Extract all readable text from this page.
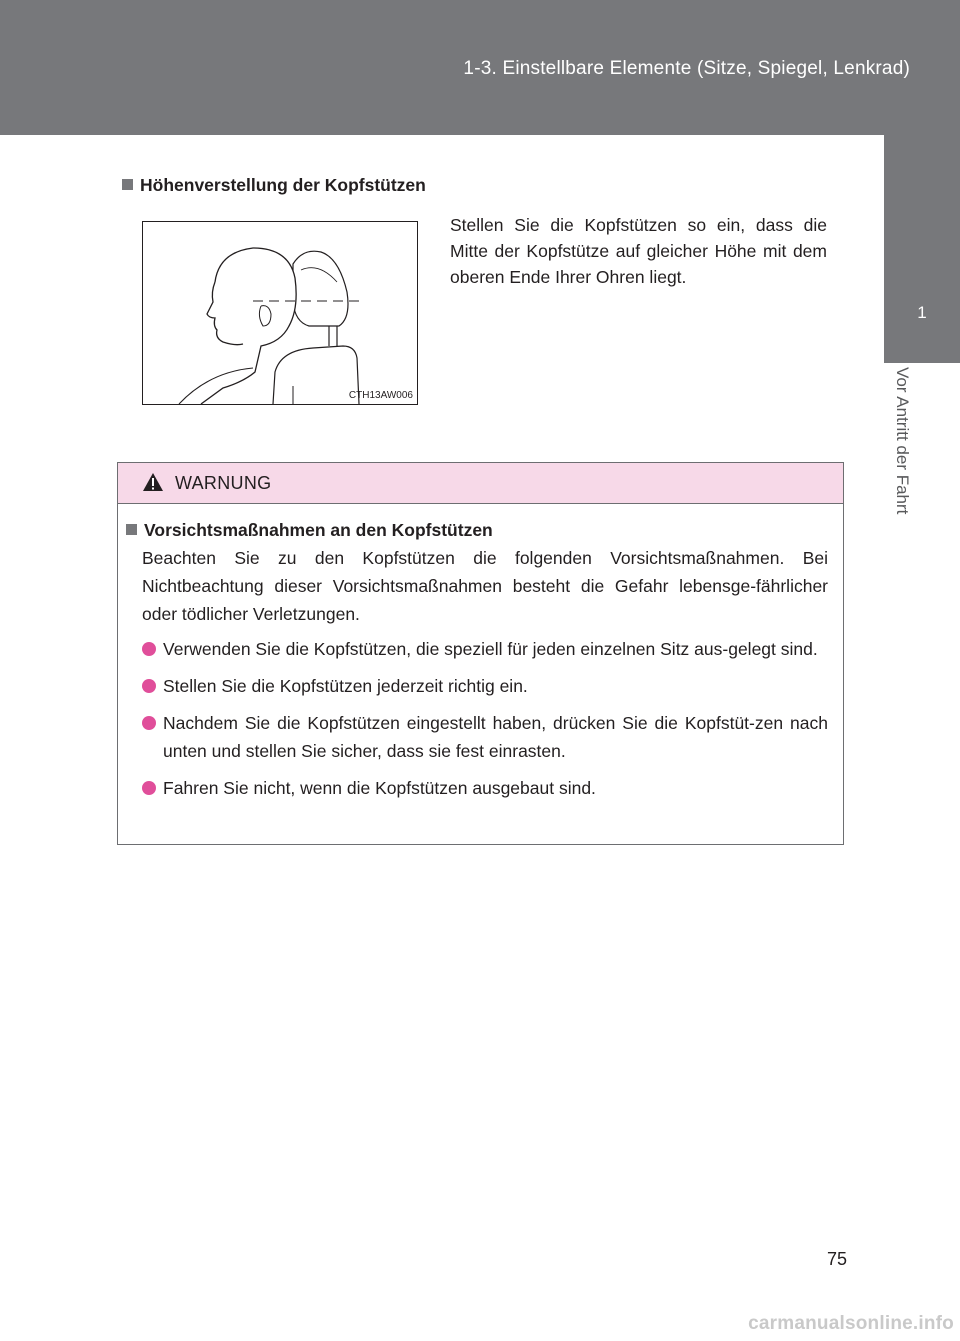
1-3. Einstellbare Elemente (Sitze, Spiegel, Lenkrad)
1
Vor Antritt der Fahrt
Höhenverstellung der Kopfstützen
CTH13AW006
Stellen Sie die Kopfstützen so ein, dass die Mitte der Kopfstütze auf gleicher Höhe mit dem oberen Ende Ihrer Ohren liegt.
WARNUNG
Vorsichtsmaßnahmen an den Kopfstützen
Beachten Sie zu den Kopfstützen die folgenden Vorsichtsmaßnahmen. Bei Nichtbeachtung dieser Vorsichtsmaßnahmen besteht die Gefahr lebensge-fährlicher oder tödlicher Verletzungen.
Verwenden Sie die Kopfstützen, die speziell für jeden einzelnen Sitz aus-gelegt sind.
Stellen Sie die Kopfstützen jederzeit richtig ein.
Nachdem Sie die Kopfstützen eingestellt haben, drücken Sie die Kopfstüt-zen nach unten und stellen Sie sicher, dass sie fest einrasten.
Fahren Sie nicht, wenn die Kopfstützen ausgebaut sind.
75
carmanualsonline.info
